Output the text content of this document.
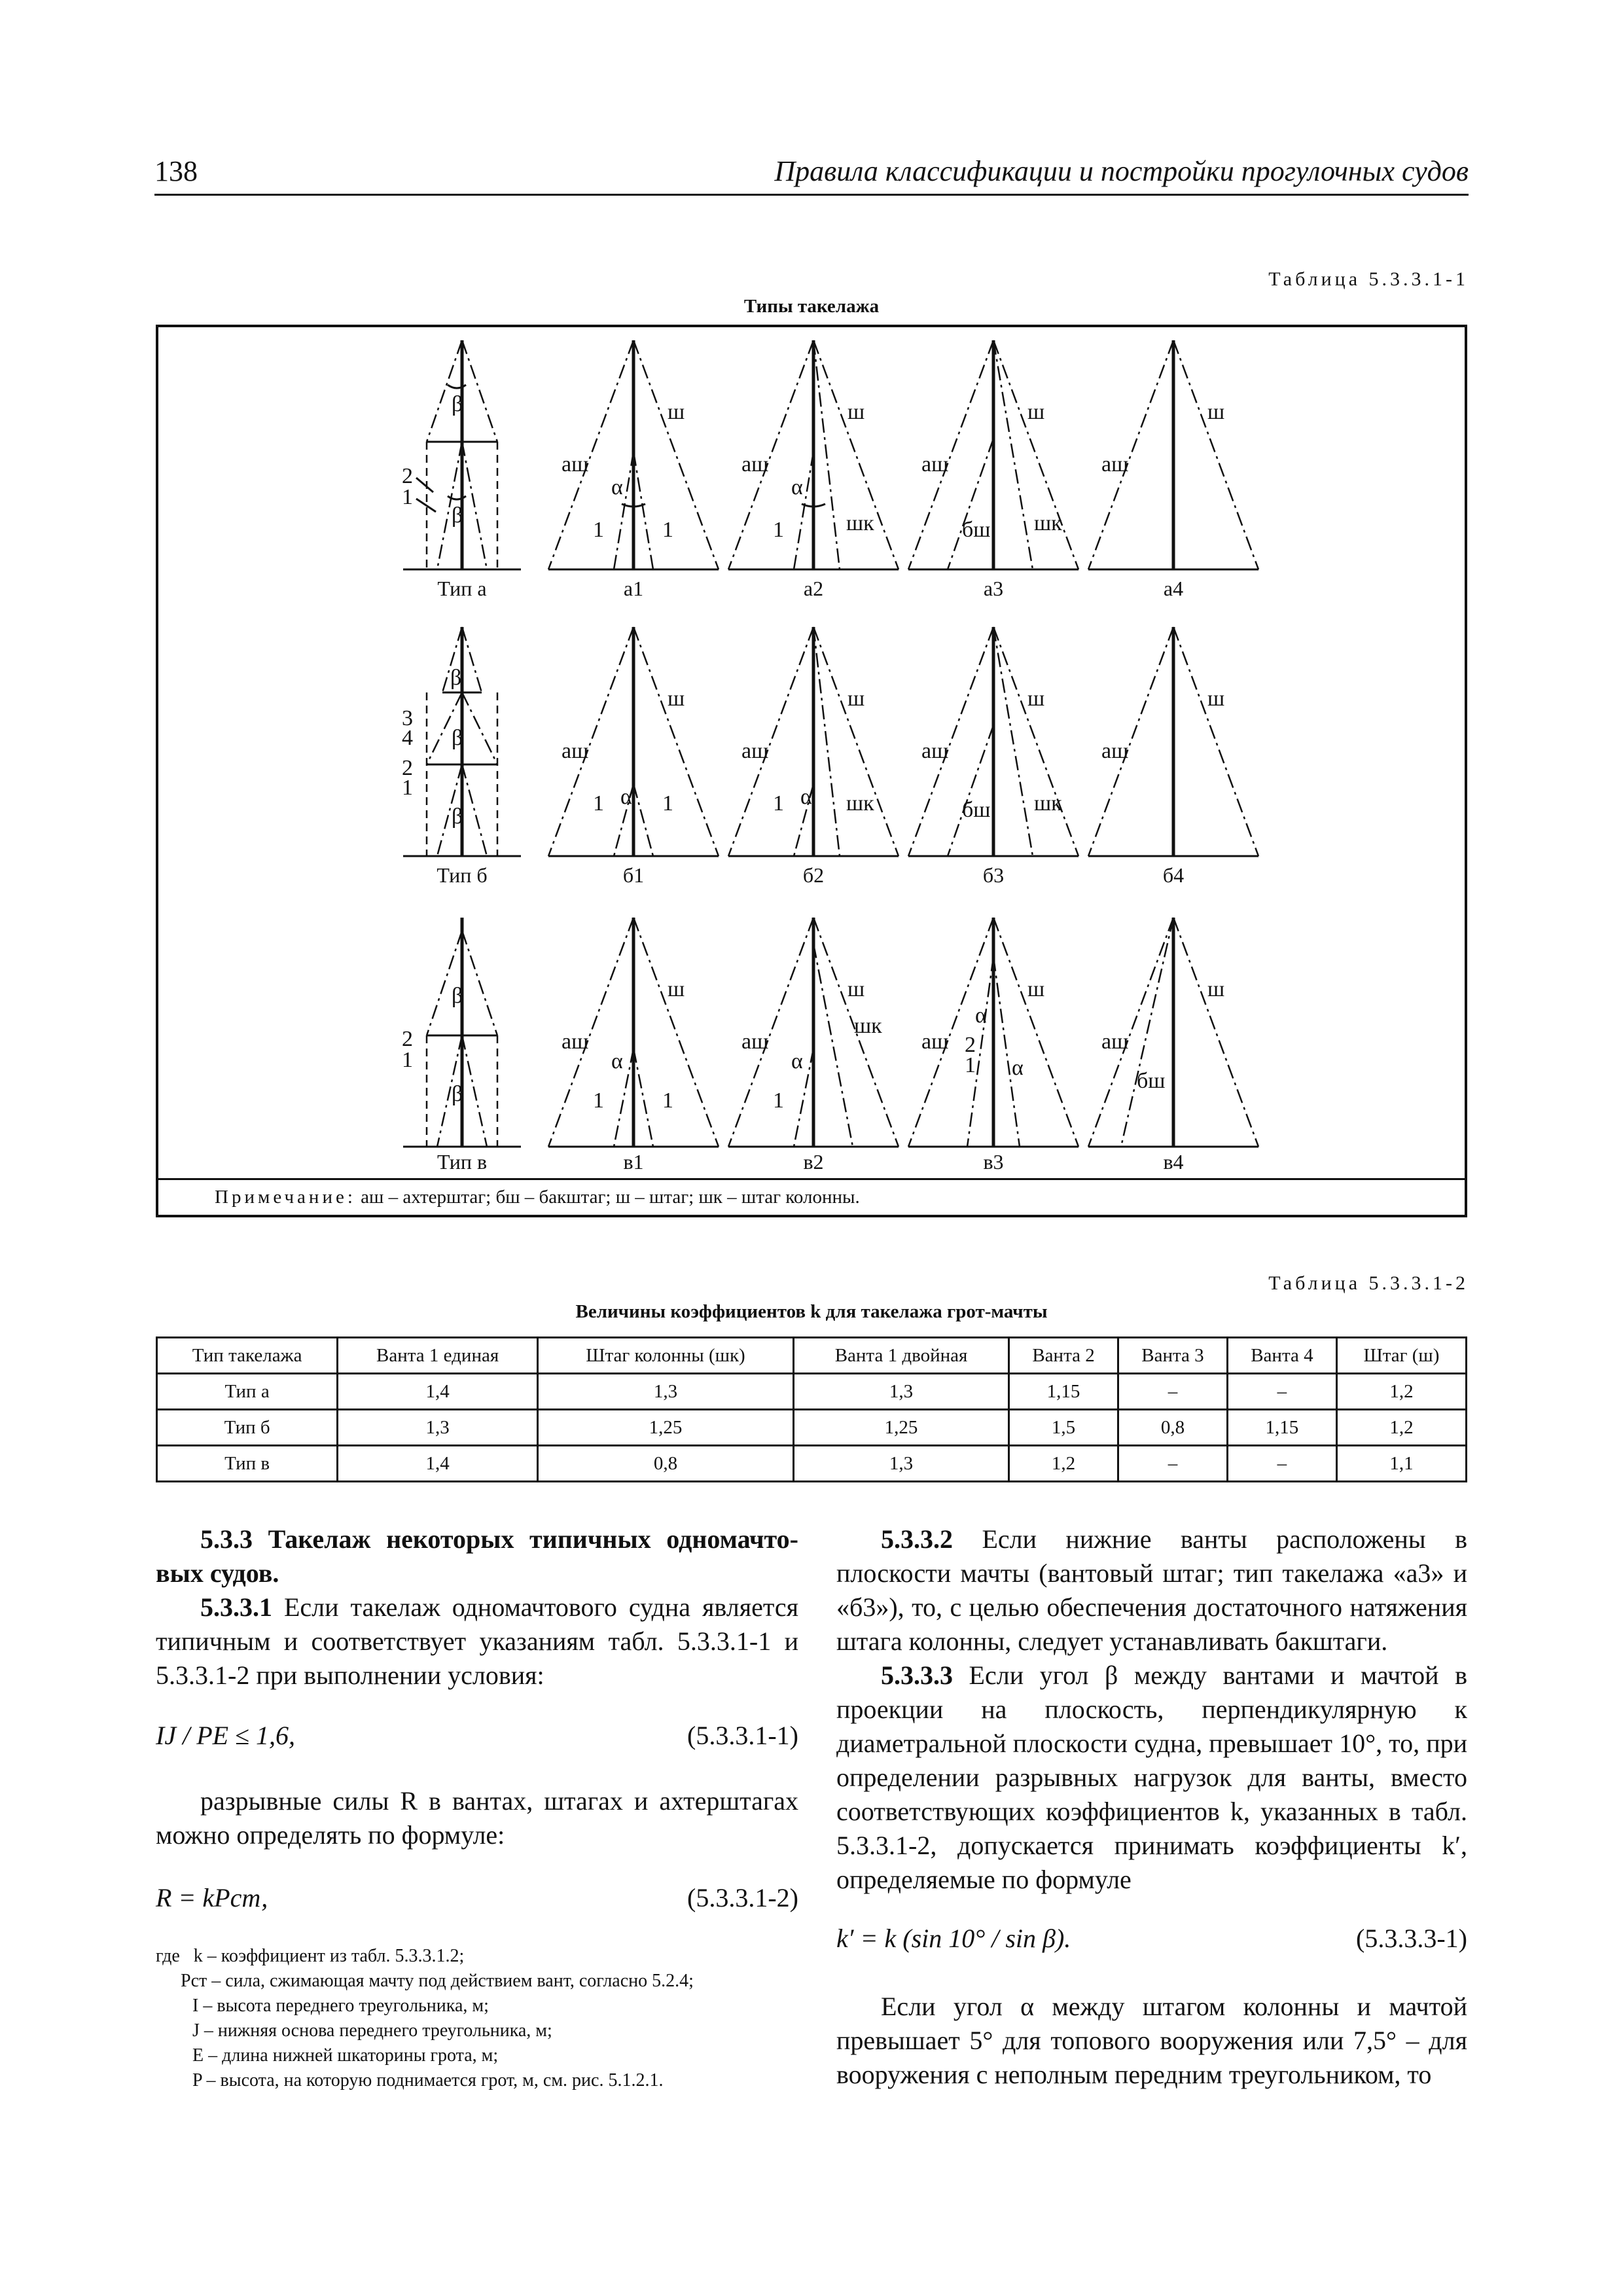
138	Правила классификации и постройки прогулочных судов
Таблица 5.3.3.1-1
Типы такелажа
β
β
2
1
аш
ш
α
1	1
аш
ш
α
1	шк
аш
ш
бш шк
аш
ш
Тип а	а1	а2	а3	а4
β
β
β
3
4
2
1
аш
ш
α
1	1
аш
ш
α
1	шк
аш
ш
бш шк
аш
ш
Тип б	б1	б2	б3	б4
β
β
2
1
аш
ш
α
1	1
аш
ш
шк
α
1
аш
ш
α
2
1 α
аш
ш
бш
Тип в	в1	в2	в3	в4
Примечание: аш – ахтерштаг; бш – бакштаг; ш – штаг; шк – штаг колонны.
Таблица 5.3.3.1-2
Величины коэффициентов k для такелажа грот-мачты
Тип такелажа	Ванта 1 единая	Штаг колонны (шк)	Ванта 1 двойная	Ванта 2	Ванта 3	Ванта 4	Штаг (ш)
Тип а	1,4	1,3	1,3	1,15	–	–	1,2
Тип б	1,3	1,25	1,25	1,5	0,8	1,15	1,2
Тип в	1,4	0,8	1,3	1,2	–	–	1,1
5.3.3 Такелаж некоторых типичных одномачто-вых судов.
5.3.3.1 Если такелаж одномачтового судна является типичным и соответствует указаниям табл. 5.3.3.1-1 и 5.3.3.1-2 при выполнении условия:
IJ / PE ≤ 1,6,	(5.3.3.1-1)
разрывные силы R в вантах, штагах и ахтерштагах можно определять по формуле:
R = kPст,	(5.3.3.1-2)
где k – коэффициент из табл. 5.3.3.1.2;
Pст – сила, сжимающая мачту под действием вант, согласно 5.2.4;
I – высота переднего треугольника, м;
J – нижняя основа переднего треугольника, м;
E – длина нижней шкаторины грота, м;
P – высота, на которую поднимается грот, м, см. рис. 5.1.2.1.
5.3.3.2 Если нижние ванты расположены в плоскости мачты (вантовый штаг; тип такелажа «а3» и «б3»), то, с целью обеспечения достаточного натяжения штага колонны, следует устанавливать бакштаги.
5.3.3.3 Если угол β между вантами и мачтой в проекции на плоскость, перпендикулярную к диаметральной плоскости судна, превышает 10°, то, при определении разрывных нагрузок для ванты, вместо соответствующих коэффициентов k, указанных в табл. 5.3.3.1-2, допускается принимать коэффициенты k′, определяемые по формуле
k′ = k (sin 10° / sin β).	(5.3.3.3-1)
Если угол α между штагом колонны и мачтой превышает 5° для топового вооружения или 7,5° – для вооружения с неполным передним треугольником, то
